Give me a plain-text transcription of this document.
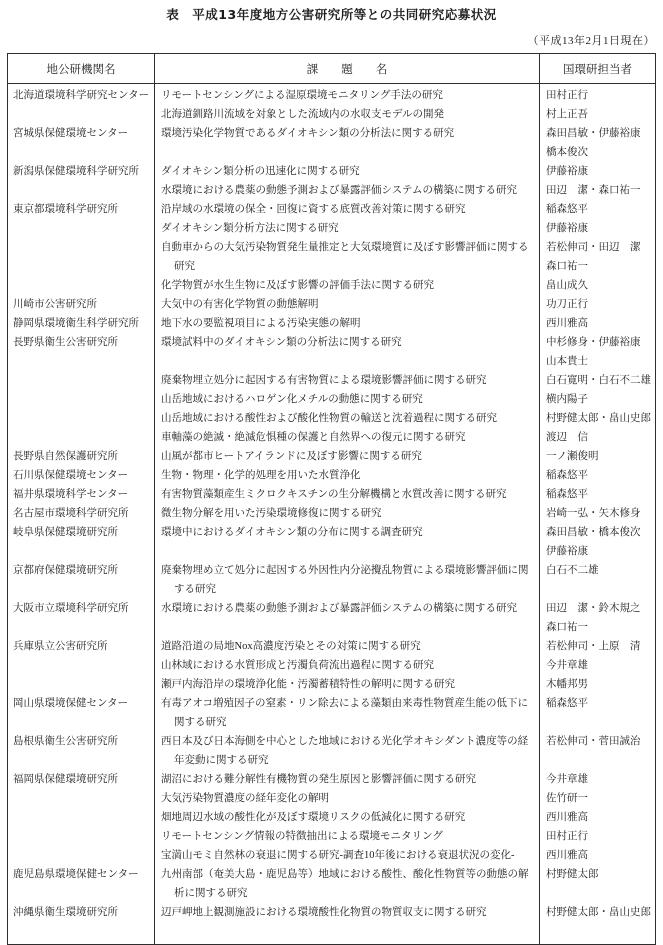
表　平成13年度地方公害研究所等との共同研究応募状況
（平成13年2月1日現在）
地公研機関名	課　　題　　名	国環研担当者
北海道環境科学研究センター	リモートセンシングによる湿原環境モニタリング手法の研究	田村正行
	北海道釧路川流域を対象とした流域内の水収支モデルの開発	村上正吾
宮城県保健環境センター	環境汚染化学物質であるダイオキシン類の分析法に関する研究	森田昌敏・伊藤裕康
		橋本俊次
新潟県保健環境科学研究所	ダイオキシン類分析の迅速化に関する研究	伊藤裕康
	水環境における農薬の動態予測および暴露評価システムの構築に関する研究	田辺　潔・森口祐一
東京都環境科学研究所	沿岸域の水環境の保全・回復に資する底質改善対策に関する研究	稲森悠平
	ダイオキシン類分析方法に関する研究	伊藤裕康
	自動車からの大気汚染物質発生量推定と大気環境質に及ぼす影響評価に関する	若松伸司・田辺　潔
	研究	森口祐一
	化学物質が水生生物に及ぼす影響の評価手法に関する研究	畠山成久
川崎市公害研究所	大気中の有害化学物質の動態解明	功刀正行
静岡県環境衛生科学研究所	地下水の要監視項目による汚染実態の解明	西川雅高
長野県衛生公害研究所	環境試料中のダイオキシン類の分析法に関する研究	中杉修身・伊藤裕康
		山本貴士
	廃棄物埋立処分に起因する有害物質による環境影響評価に関する研究	白石寛明・白石不二雄
	山岳地域におけるハロゲン化メチルの動態に関する研究	横内陽子
	山岳地域における酸性および酸化性物質の輸送と沈着過程に関する研究	村野健太郎・畠山史郎
	車軸藻の絶滅・絶滅危惧種の保護と自然界への復元に関する研究	渡辺　信
長野県自然保護研究所	山風が都市ヒートアイランドに及ぼす影響に関する研究	一ノ瀬俊明
石川県保健環境センター	生物・物理・化学的処理を用いた水質浄化	稲森悠平
福井県環境科学センター	有害物質藻類産生ミクロクキスチンの生分解機構と水質改善に関する研究	稲森悠平
名古屋市環境科学研究所	微生物分解を用いた汚染環境修復に関する研究	岩崎一弘・矢木修身
岐阜県保健環境研究所	環境中におけるダイオキシン類の分布に関する調査研究	森田昌敏・橋本俊次
		伊藤裕康
京都府保健環境研究所	廃棄物埋め立て処分に起因する外因性内分泌攪乱物質による環境影響評価に関	白石不二雄
	する研究	
大阪市立環境科学研究所	水環境における農薬の動態予測および暴露評価システムの構築に関する研究	田辺　潔・鈴木規之
		森口祐一
兵庫県立公害研究所	道路沿道の局地Nox高濃度汚染とその対策に関する研究	若松伸司・上原　清
	山林域における水質形成と汚濁負荷流出過程に関する研究	今井章雄
	瀬戸内海沿岸の環境浄化能・汚濁蓄積特性の解明に関する研究	木幡邦男
岡山県環境保健センター	有毒アオコ増殖因子の窒素・リン除去による藻類由来毒性物質産生能の低下に	稲森悠平
	関する研究	
島根県衛生公害研究所	西日本及び日本海側を中心とした地域における光化学オキシダント濃度等の経	若松伸司・菅田誠治
	年変動に関する研究	
福岡県保健環境研究所	湖沼における難分解性有機物質の発生原因と影響評価に関する研究	今井章雄
	大気汚染物質濃度の経年変化の解明	佐竹研一
	畑地周辺水域の酸性化が及ぼす環境リスクの低減化に関する研究	西川雅高
	リモートセンシング情報の特徴抽出による環境モニタリング	田村正行
	宝満山モミ自然林の衰退に関する研究-調査10年後における衰退状況の変化-	西川雅高
鹿児島県環境保健センター	九州南部（奄美大島・鹿児島等）地域における酸性、酸化性物質等の動態の解	村野健太郎
	析に関する研究	
沖縄県衛生環境研究所	辺戸岬地上観測施設における環境酸性化物質の物質収支に関する研究	村野健太郎・畠山史郎
